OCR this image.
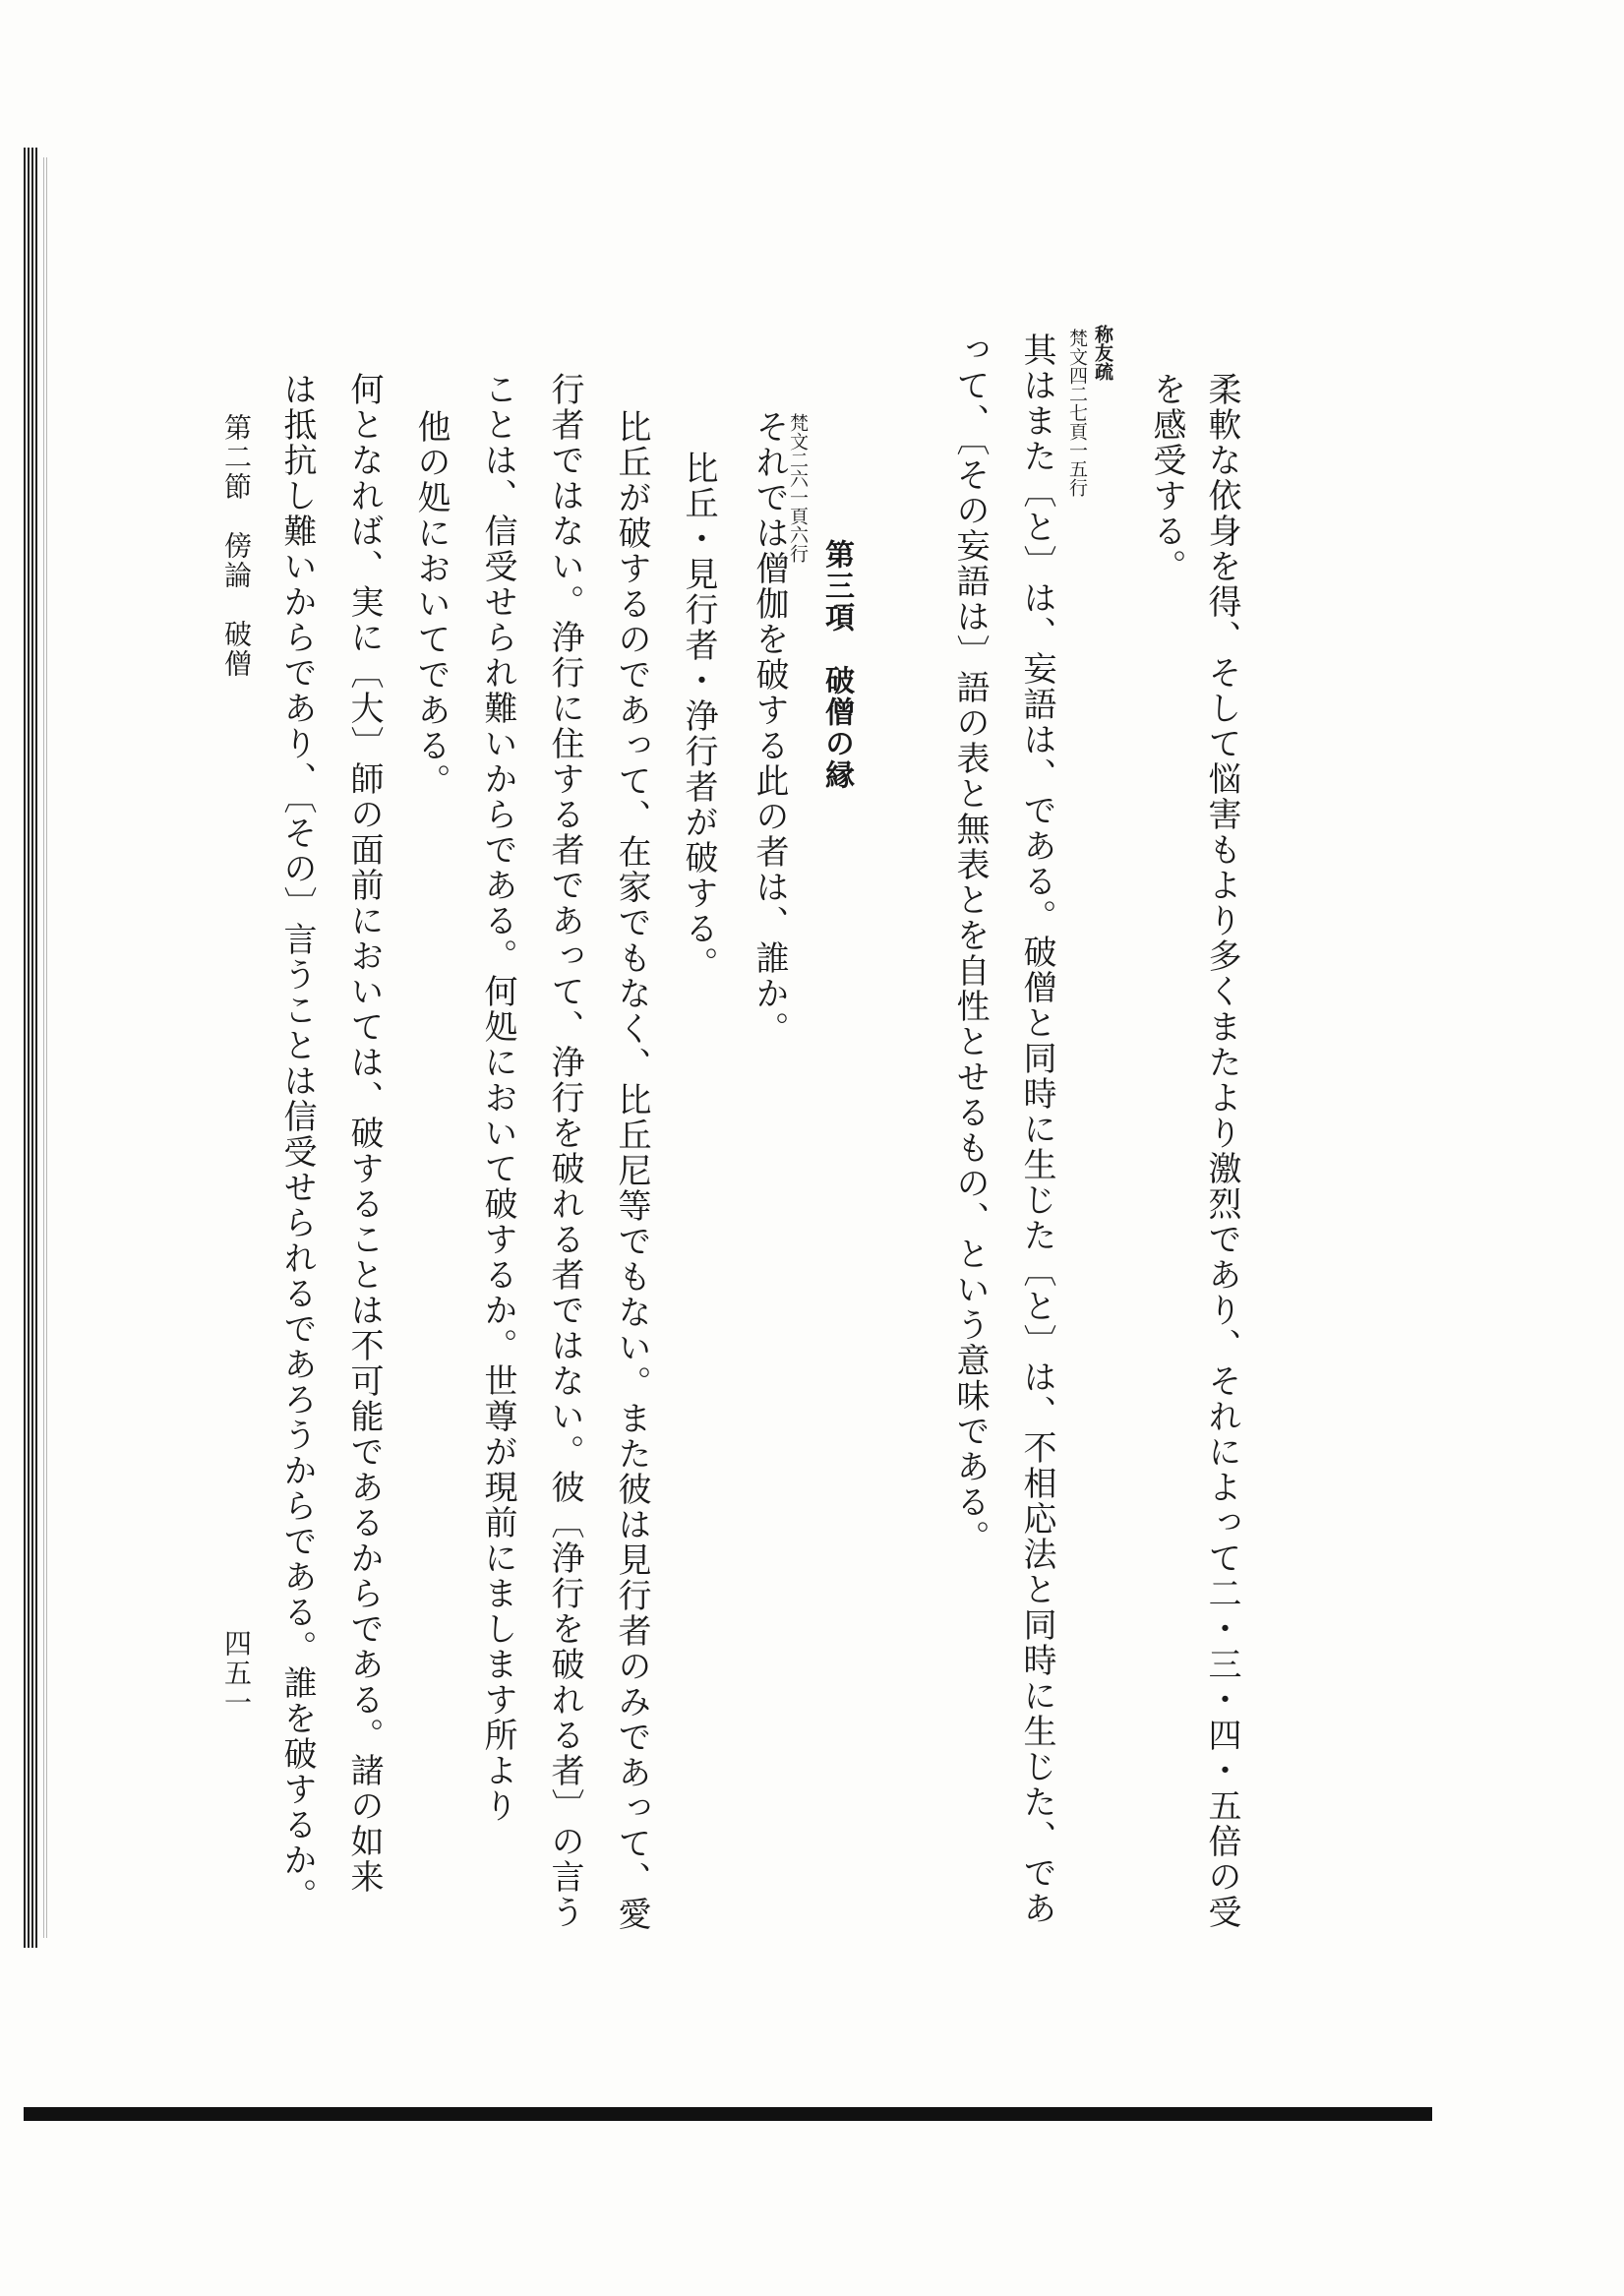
柔軟な依身を得、そして悩害もより多くまたより激烈であり、それによって二・三・四・五倍の受
を感受する。
称友疏
梵文四二七頁一五行
其はまた〔と〕は、妄語は、である。破僧と同時に生じた〔と〕は、不相応法と同時に生じた、であ
って、〔その妄語は〕語の表と無表とを自性とせるもの、という意味である。
第三項　破僧の縁
梵文二六一頁六行
それでは僧伽を破する此の者は、誰か。
比丘・見行者・浄行者が破する。
比丘が破するのであって、在家でもなく、比丘尼等でもない。また彼は見行者のみであって、愛
行者ではない。浄行に住する者であって、浄行を破れる者ではない。彼〔浄行を破れる者〕の言う
ことは、信受せられ難いからである。何処において破するか。世尊が現前にまします所より
他の処においてである。
何となれば、実に〔大〕師の面前においては、破することは不可能であるからである。諸の如来
は抵抗し難いからであり、〔その〕言うことは信受せられるであろうからである。誰を破するか。
第二節　傍論　破僧
四五一
